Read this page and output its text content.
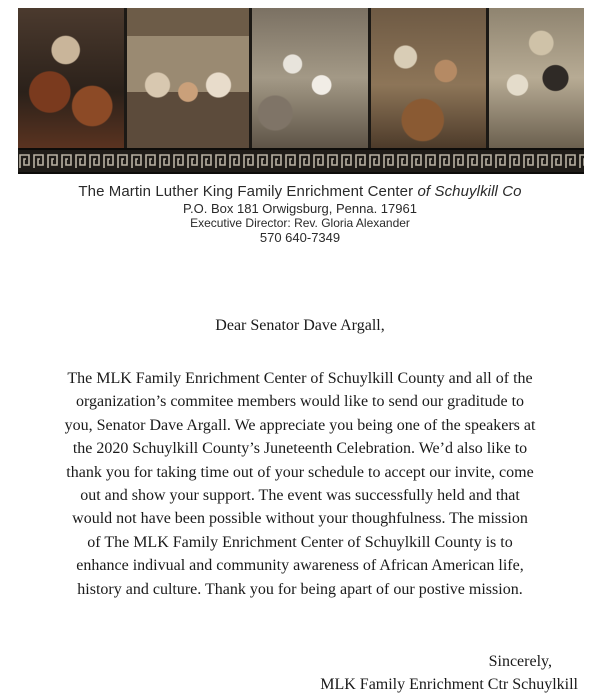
The Martin Luther King Family Enrichment Center of Schuylkill Co
P.O. Box 181 Orwigsburg, Penna. 17961
Executive Director: Rev. Gloria Alexander
570 640-7349
Dear Senator Dave Argall,
The MLK Family Enrichment Center of Schuylkill County and all of the
organization’s commitee members would like to send our graditude to
you, Senator Dave Argall. We appreciate you being one of the speakers at
the 2020 Schuylkill County’s Juneteenth Celebration. We’d also like to
thank you for taking time out of your schedule to accept our invite, come
out and show your support. The event was successfully held and that
would not have been possible without your thoughfulness. The mission
of The MLK Family Enrichment Center of Schuylkill County is to
enhance indivual and community awareness of African American life,
history and culture. Thank you for being apart of our postive mission.
Sincerely,
MLK Family Enrichment Ctr Schuylkill
